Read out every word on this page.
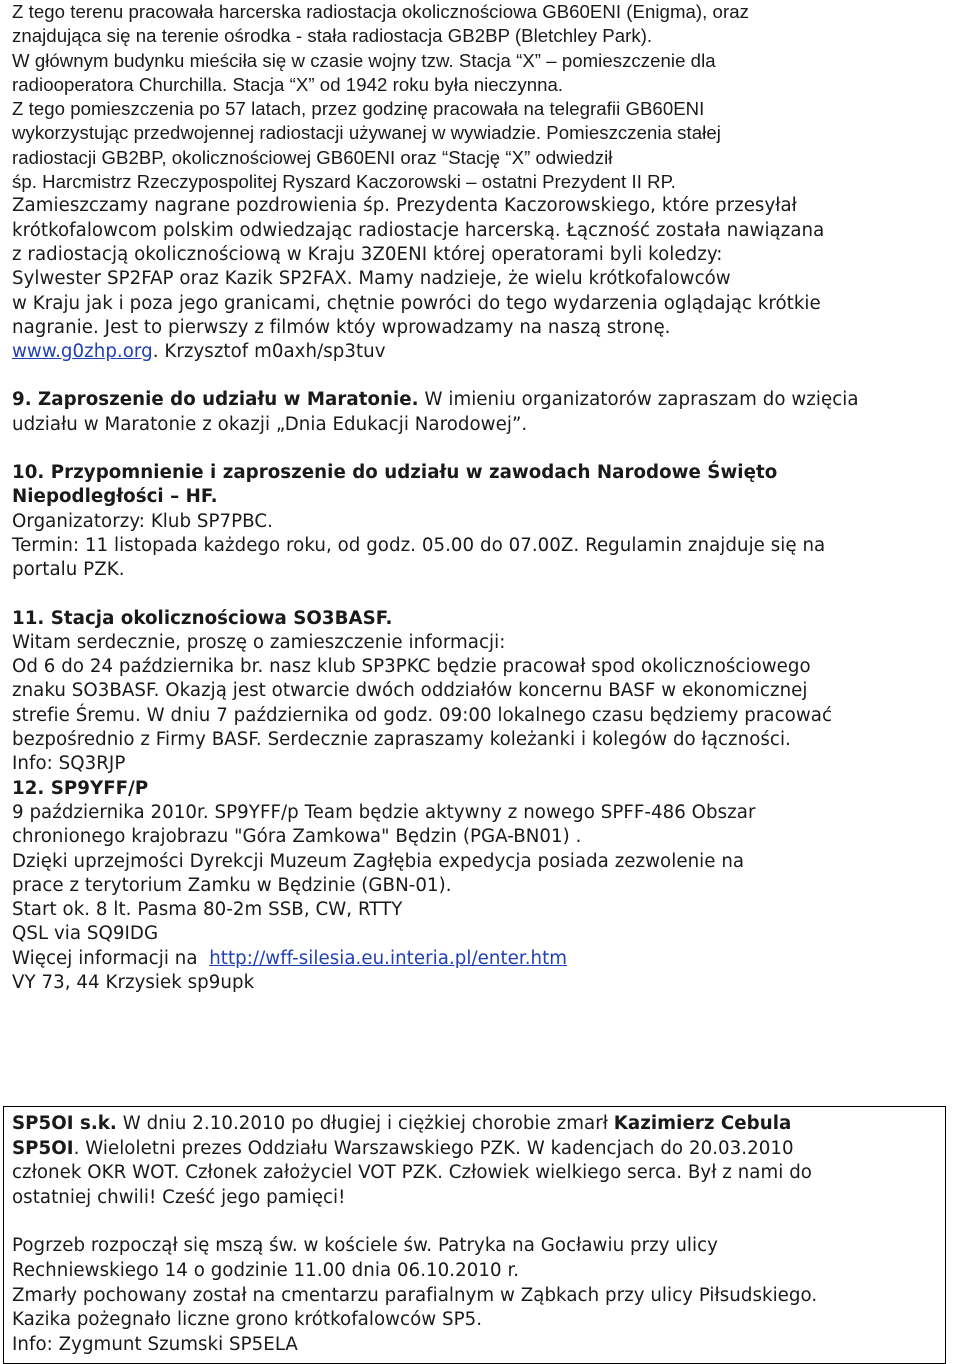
Z tego terenu pracowała harcerska radiostacja okolicznościowa GB60ENI (Enigma), oraz

znajdująca się na terenie ośrodka - stała radiostacja GB2BP (Bletchley Park).

W głównym budynku mieściła się w czasie wojny tzw. Stacja “X” – pomieszczenie dla

radiooperatora Churchilla. Stacja “X” od 1942 roku była nieczynna.

Z tego pomieszczenia po 57 latach, przez godzinę pracowała na telegrafii GB60ENI

wykorzystując przedwojennej radiostacji używanej w wywiadzie. Pomieszczenia stałej

radiostacji GB2BP, okolicznościowej GB60ENI oraz “Stację “X” odwiedził

śp. Harcmistrz Rzeczypospolitej Ryszard Kaczorowski – ostatni Prezydent II RP.

Zamieszczamy nagrane pozdrowienia śp. Prezydenta Kaczorowskiego, które przesyłał

krótkofalowcom polskim odwiedzając radiostacje harcerską. Łączność została nawiązana

z radiostacją okolicznościową w Kraju 3Z0ENI której operatorami byli koledzy:

Sylwester SP2FAP oraz Kazik SP2FAX. Mamy nadzieje, że wielu krótkofalowców

w Kraju jak i poza jego granicami, chętnie powróci do tego wydarzenia oglądając krótkie

nagranie. Jest to pierwszy z filmów któy wprowadzamy na naszą stronę.

www.g0zhp.org. Krzysztof m0axh/sp3tuv

9. Zaproszenie do udziału w Maratonie. W imieniu organizatorów zapraszam do wzięcia

udziału w Maratonie z okazji „Dnia Edukacji Narodowej”.

10. Przypomnienie i zaproszenie do udziału w zawodach Narodowe Święto

Niepodległości – HF.

Organizatorzy: Klub SP7PBC.

Termin: 11 listopada każdego roku, od godz. 05.00 do 07.00Z. Regulamin znajduje się na

portalu PZK.

11. Stacja okolicznościowa SO3BASF.

Witam serdecznie, proszę o zamieszczenie informacji:

Od 6 do 24 października br. nasz klub SP3PKC będzie pracował spod okolicznościowego

znaku SO3BASF. Okazją jest otwarcie dwóch oddziałów koncernu BASF w ekonomicznej

strefie Śremu. W dniu 7 października od godz. 09:00 lokalnego czasu będziemy pracować

bezpośrednio z Firmy BASF. Serdecznie zapraszamy koleżanki i kolegów do łączności.

Info: SQ3RJP

12. SP9YFF/P

9 października 2010r. SP9YFF/p Team będzie aktywny z nowego SPFF-486 Obszar

chronionego krajobrazu "Góra Zamkowa" Będzin (PGA-BN01) .

Dzięki uprzejmości Dyrekcji Muzeum Zagłębia expedycja posiada zezwolenie na

prace z terytorium Zamku w Będzinie (GBN-01).

Start ok. 8 lt. Pasma 80-2m SSB, CW, RTTY

QSL via SQ9IDG

Więcej informacji na  http://wff-silesia.eu.interia.pl/enter.htm

VY 73, 44 Krzysiek sp9upk

SP5OI s.k. W dniu 2.10.2010 po długiej i ciężkiej chorobie zmarł Kazimierz Cebula

SP5OI. Wieloletni prezes Oddziału Warszawskiego PZK. W kadencjach do 20.03.2010

członek OKR WOT. Członek założyciel VOT PZK. Człowiek wielkiego serca. Był z nami do

ostatniej chwili! Cześć jego pamięci!

Pogrzeb rozpoczął się mszą św. w kościele św. Patryka na Gocławiu przy ulicy

Rechniewskiego 14 o godzinie 11.00 dnia 06.10.2010 r.

Zmarły pochowany został na cmentarzu parafialnym w Ząbkach przy ulicy Piłsudskiego.

Kazika pożegnało liczne grono krótkofalowców SP5.

Info: Zygmunt Szumski SP5ELA
